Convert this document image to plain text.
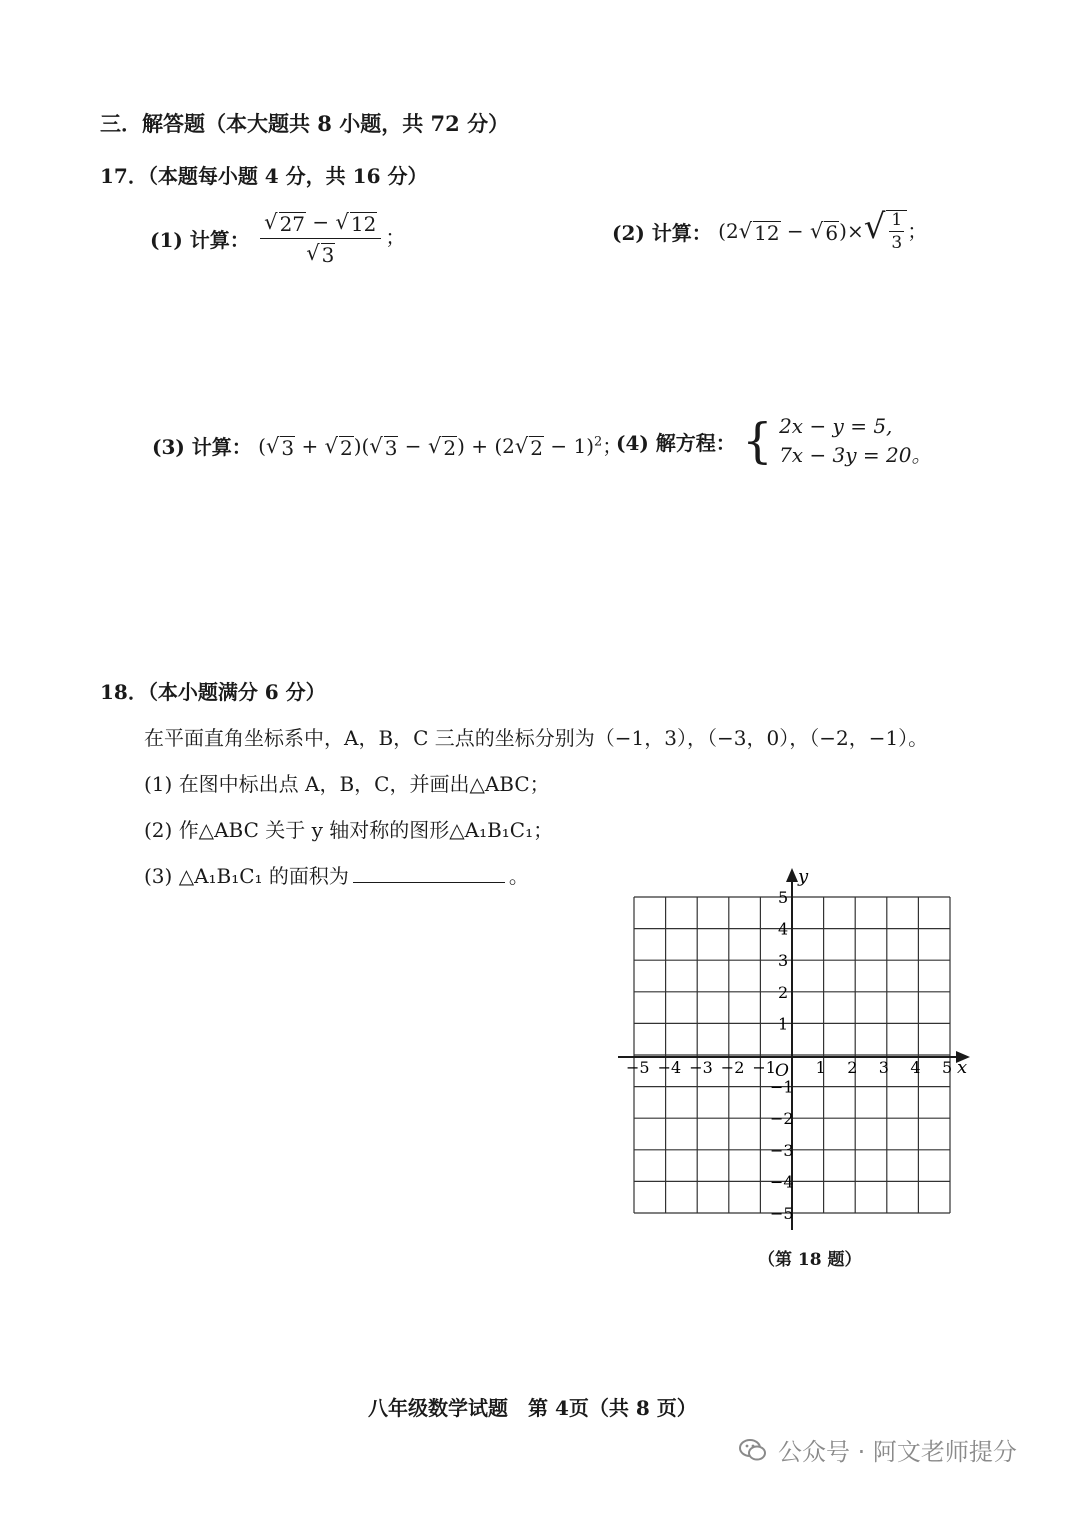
三．解答题（本大题共 8 小题，共 72 分）
17．（本题每小题 4 分，共 16 分）
(1) 计算： $\frac{√ 27 - √ 12}{√ 3}$ ；	(2) 计算： (2 √ 12 − √ 6 )× √ $\frac{1}{3}$ ；
(3) 计算： ( √ 3 + √ 2 )( √ 3 − √ 2 ) + (2 √ 2 − 1)$^2$；
(4) 解方程： { 2x − y = 5,
7x − 3y = 20。
18．（本小题满分 6 分）
在平面直角坐标系中，A，B，C 三点的坐标分别为（−1，3），（−3，0），（−2，−1）。
(1) 在图中标出点 A，B，C，并画出△ABC；
(2) 作△ABC 关于 y 轴对称的图形△A₁B₁C₁；
(3) △A₁B₁C₁ 的面积为	。
x
y
O
−5 −4 −3 −2 −1 1 2 3 4 5
5
4
3
2
1
−1
−2
−3
−4
−5
（第 18 题）
八年级数学试题　第 4页（共 8 页）
公众号 · 阿文老师提分
